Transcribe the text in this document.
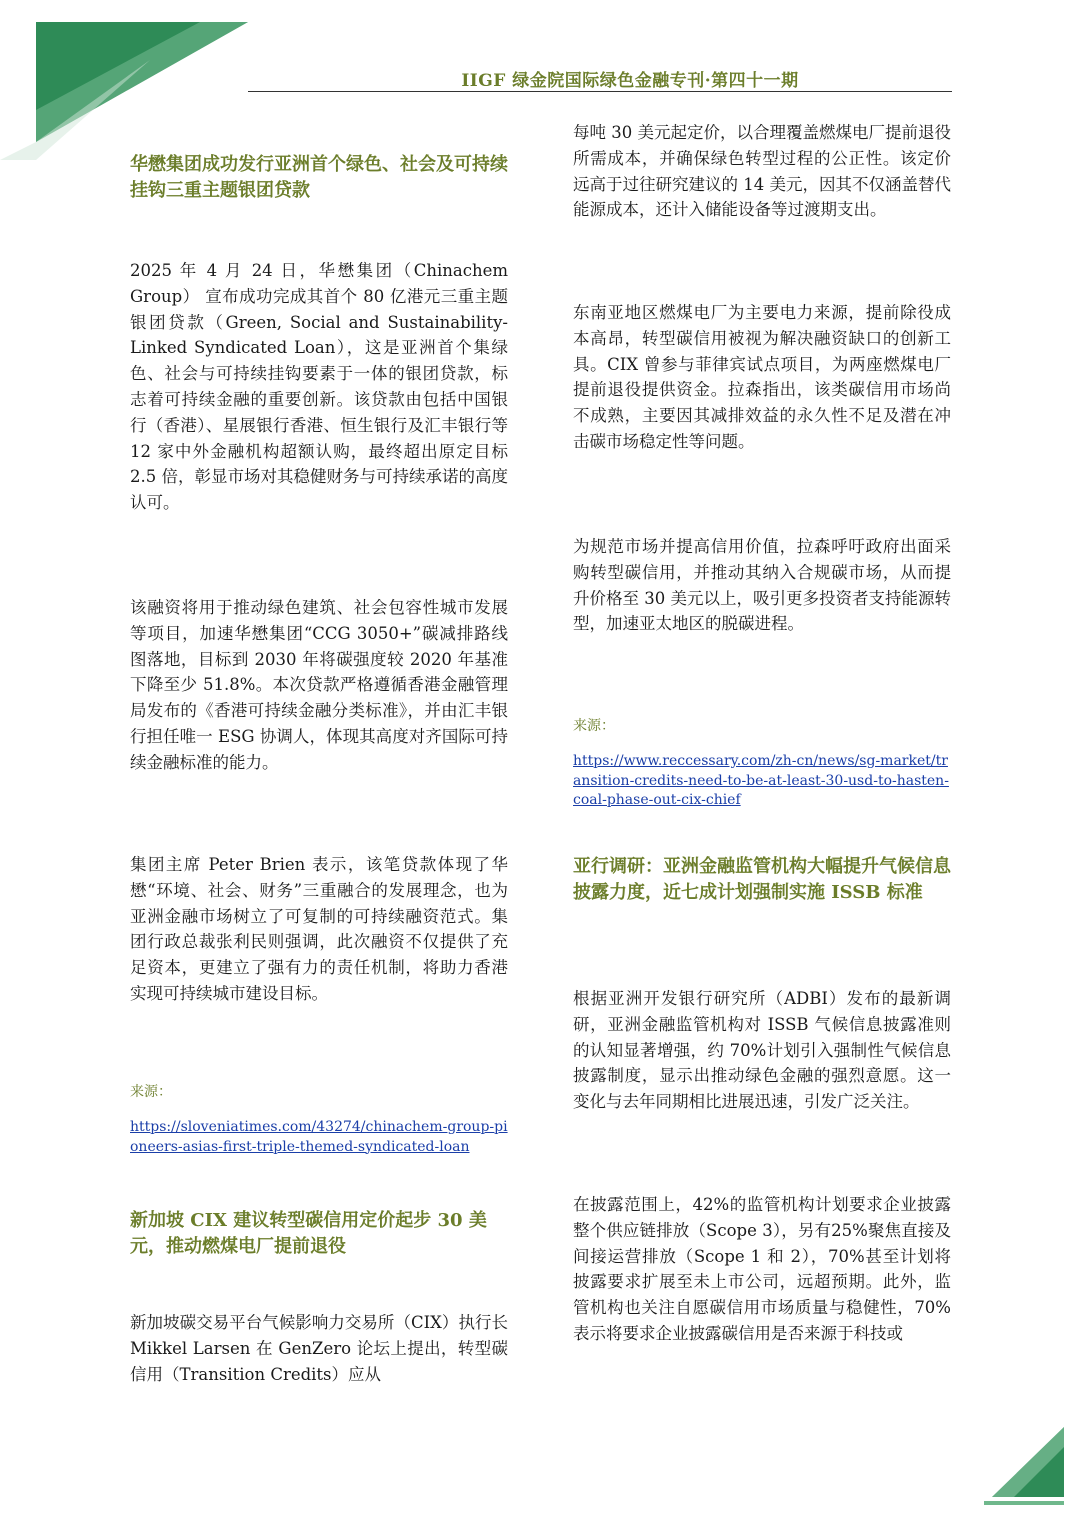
IIGF 绿金院国际绿色金融专刊·第四十一期
华懋集团成功发行亚洲首个绿色、社会及可持续挂钩三重主题银团贷款
2025 年 4 月 24 日，华懋集团（Chinachem Group） 宣布成功完成其首个 80 亿港元三重主题银团贷款（Green, Social and Sustainability-Linked Syndicated Loan），这是亚洲首个集绿色、社会与可持续挂钩要素于一体的银团贷款，标志着可持续金融的重要创新。该贷款由包括中国银行（香港）、星展银行香港、恒生银行及汇丰银行等 12 家中外金融机构超额认购，最终超出原定目标 2.5 倍，彰显市场对其稳健财务与可持续承诺的高度认可。
该融资将用于推动绿色建筑、社会包容性城市发展等项目，加速华懋集团“CCG 3050+”碳减排路线图落地，目标到 2030 年将碳强度较 2020 年基准下降至少 51.8%。本次贷款严格遵循香港金融管理局发布的《香港可持续金融分类标准》，并由汇丰银行担任唯一 ESG 协调人，体现其高度对齐国际可持续金融标准的能力。
集团主席 Peter Brien 表示，该笔贷款体现了华懋“环境、社会、财务”三重融合的发展理念，也为亚洲金融市场树立了可复制的可持续融资范式。集团行政总裁张利民则强调，此次融资不仅提供了充足资本，更建立了强有力的责任机制，将助力香港实现可持续城市建设目标。
来源：
https://sloveniatimes.com/43274/chinachem-group-pioneers-asias-first-triple-themed-syndicated-loan
新加坡 CIX 建议转型碳信用定价起步 30 美元，推动燃煤电厂提前退役
新加坡碳交易平台气候影响力交易所（CIX）执行长 Mikkel Larsen 在 GenZero 论坛上提出，转型碳信用（Transition Credits）应从
每吨 30 美元起定价，以合理覆盖燃煤电厂提前退役所需成本，并确保绿色转型过程的公正性。该定价远高于过往研究建议的 14 美元，因其不仅涵盖替代能源成本，还计入储能设备等过渡期支出。
东南亚地区燃煤电厂为主要电力来源，提前除役成本高昂，转型碳信用被视为解决融资缺口的创新工具。CIX 曾参与菲律宾试点项目，为两座燃煤电厂提前退役提供资金。拉森指出，该类碳信用市场尚不成熟，主要因其减排效益的永久性不足及潜在冲击碳市场稳定性等问题。
为规范市场并提高信用价值，拉森呼吁政府出面采购转型碳信用，并推动其纳入合规碳市场，从而提升价格至 30 美元以上，吸引更多投资者支持能源转型，加速亚太地区的脱碳进程。
来源：
https://www.reccessary.com/zh-cn/news/sg-market/transition-credits-need-to-be-at-least-30-usd-to-hasten-coal-phase-out-cix-chief
亚行调研：亚洲金融监管机构大幅提升气候信息披露力度，近七成计划强制实施 ISSB 标准
根据亚洲开发银行研究所（ADBI）发布的最新调研，亚洲金融监管机构对 ISSB 气候信息披露准则的认知显著增强，约 70%计划引入强制性气候信息披露制度，显示出推动绿色金融的强烈意愿。这一变化与去年同期相比进展迅速，引发广泛关注。
在披露范围上，42%的监管机构计划要求企业披露整个供应链排放（Scope 3），另有25%聚焦直接及间接运营排放（Scope 1 和 2），70%甚至计划将披露要求扩展至未上市公司，远超预期。此外，监管机构也关注自愿碳信用市场质量与稳健性，70%表示将要求企业披露碳信用是否来源于科技或
